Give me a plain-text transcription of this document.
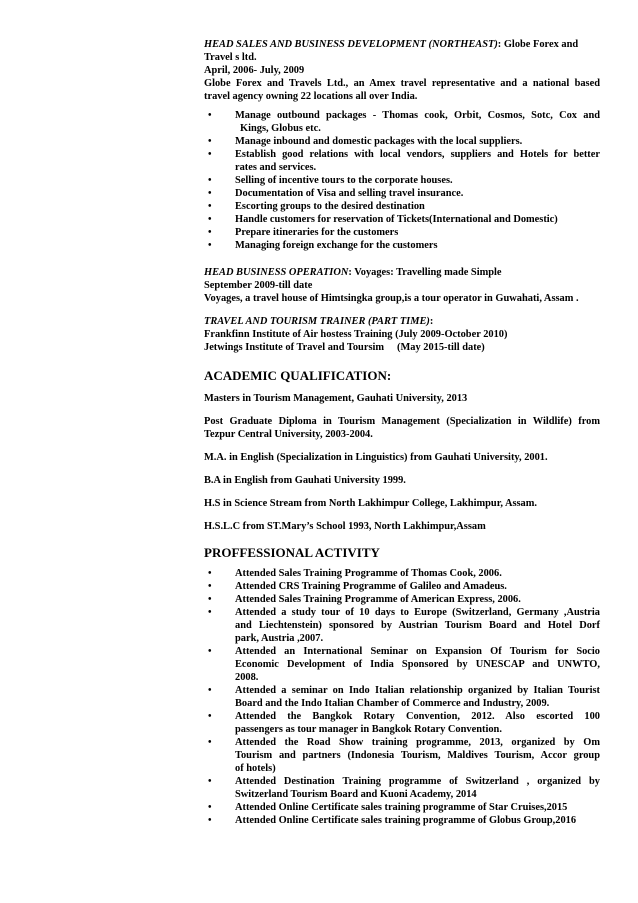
HEAD SALES AND BUSINESS DEVELOPMENT (NORTHEAST): Globe Forex and
Travel s ltd.
April, 2006- July, 2009
Globe Forex and Travels Ltd., an Amex travel representative and a national based
travel agency owning 22 locations all over India.
• Manage outbound packages - Thomas cook, Orbit, Cosmos, Sotc, Cox and
Kings, Globus etc.
• Manage inbound and domestic packages with the local suppliers.
• Establish good relations with local vendors, suppliers and Hotels for better
rates and services.
• Selling of incentive tours to the corporate houses.
• Documentation of Visa and selling travel insurance.
• Escorting groups to the desired destination
• Handle customers for reservation of Tickets(International and Domestic)
• Prepare itineraries for the customers
• Managing foreign exchange for the customers
HEAD BUSINESS OPERATION: Voyages: Travelling made Simple
September 2009-till date
Voyages, a travel house of Himtsingka group,is a tour operator in Guwahati, Assam .
TRAVEL AND TOURISM TRAINER (PART TIME):
Frankfinn Institute of Air hostess Training (July 2009-October 2010)
Jetwings Institute of Travel and Toursim     (May 2015-till date)
ACADEMIC QUALIFICATION:
Masters in Tourism Management, Gauhati University, 2013
Post Graduate Diploma in Tourism Management (Specialization in Wildlife) from
Tezpur Central University, 2003-2004.
M.A. in English (Specialization in Linguistics) from Gauhati University, 2001.
B.A in English from Gauhati University 1999.
H.S in Science Stream from North Lakhimpur College, Lakhimpur, Assam.
H.S.L.C from ST.Mary’s School 1993, North Lakhimpur,Assam
PROFFESSIONAL ACTIVITY
• Attended Sales Training Programme of Thomas Cook, 2006.
• Attended CRS Training Programme of Galileo and Amadeus.
• Attended Sales Training Programme of American Express, 2006.
• Attended a study tour of 10 days to Europe (Switzerland, Germany ,Austria
and Liechtenstein) sponsored by Austrian Tourism Board and Hotel Dorf
park, Austria ,2007.
• Attended an International Seminar on Expansion Of Tourism for Socio
Economic Development of India Sponsored by UNESCAP and UNWTO,
2008.
• Attended a seminar on Indo Italian relationship organized by Italian Tourist
Board and the Indo Italian Chamber of Commerce and Industry, 2009.
• Attended the Bangkok Rotary Convention, 2012. Also escorted 100
passengers as tour manager in Bangkok Rotary Convention.
• Attended the Road Show training programme, 2013, organized by Om
Tourism and partners (Indonesia Tourism, Maldives Tourism, Accor group
of hotels)
• Attended Destination Training programme of Switzerland , organized by
Switzerland Tourism Board and Kuoni Academy, 2014
• Attended Online Certificate sales training programme of Star Cruises,2015
• Attended Online Certificate sales training programme of Globus Group,2016
